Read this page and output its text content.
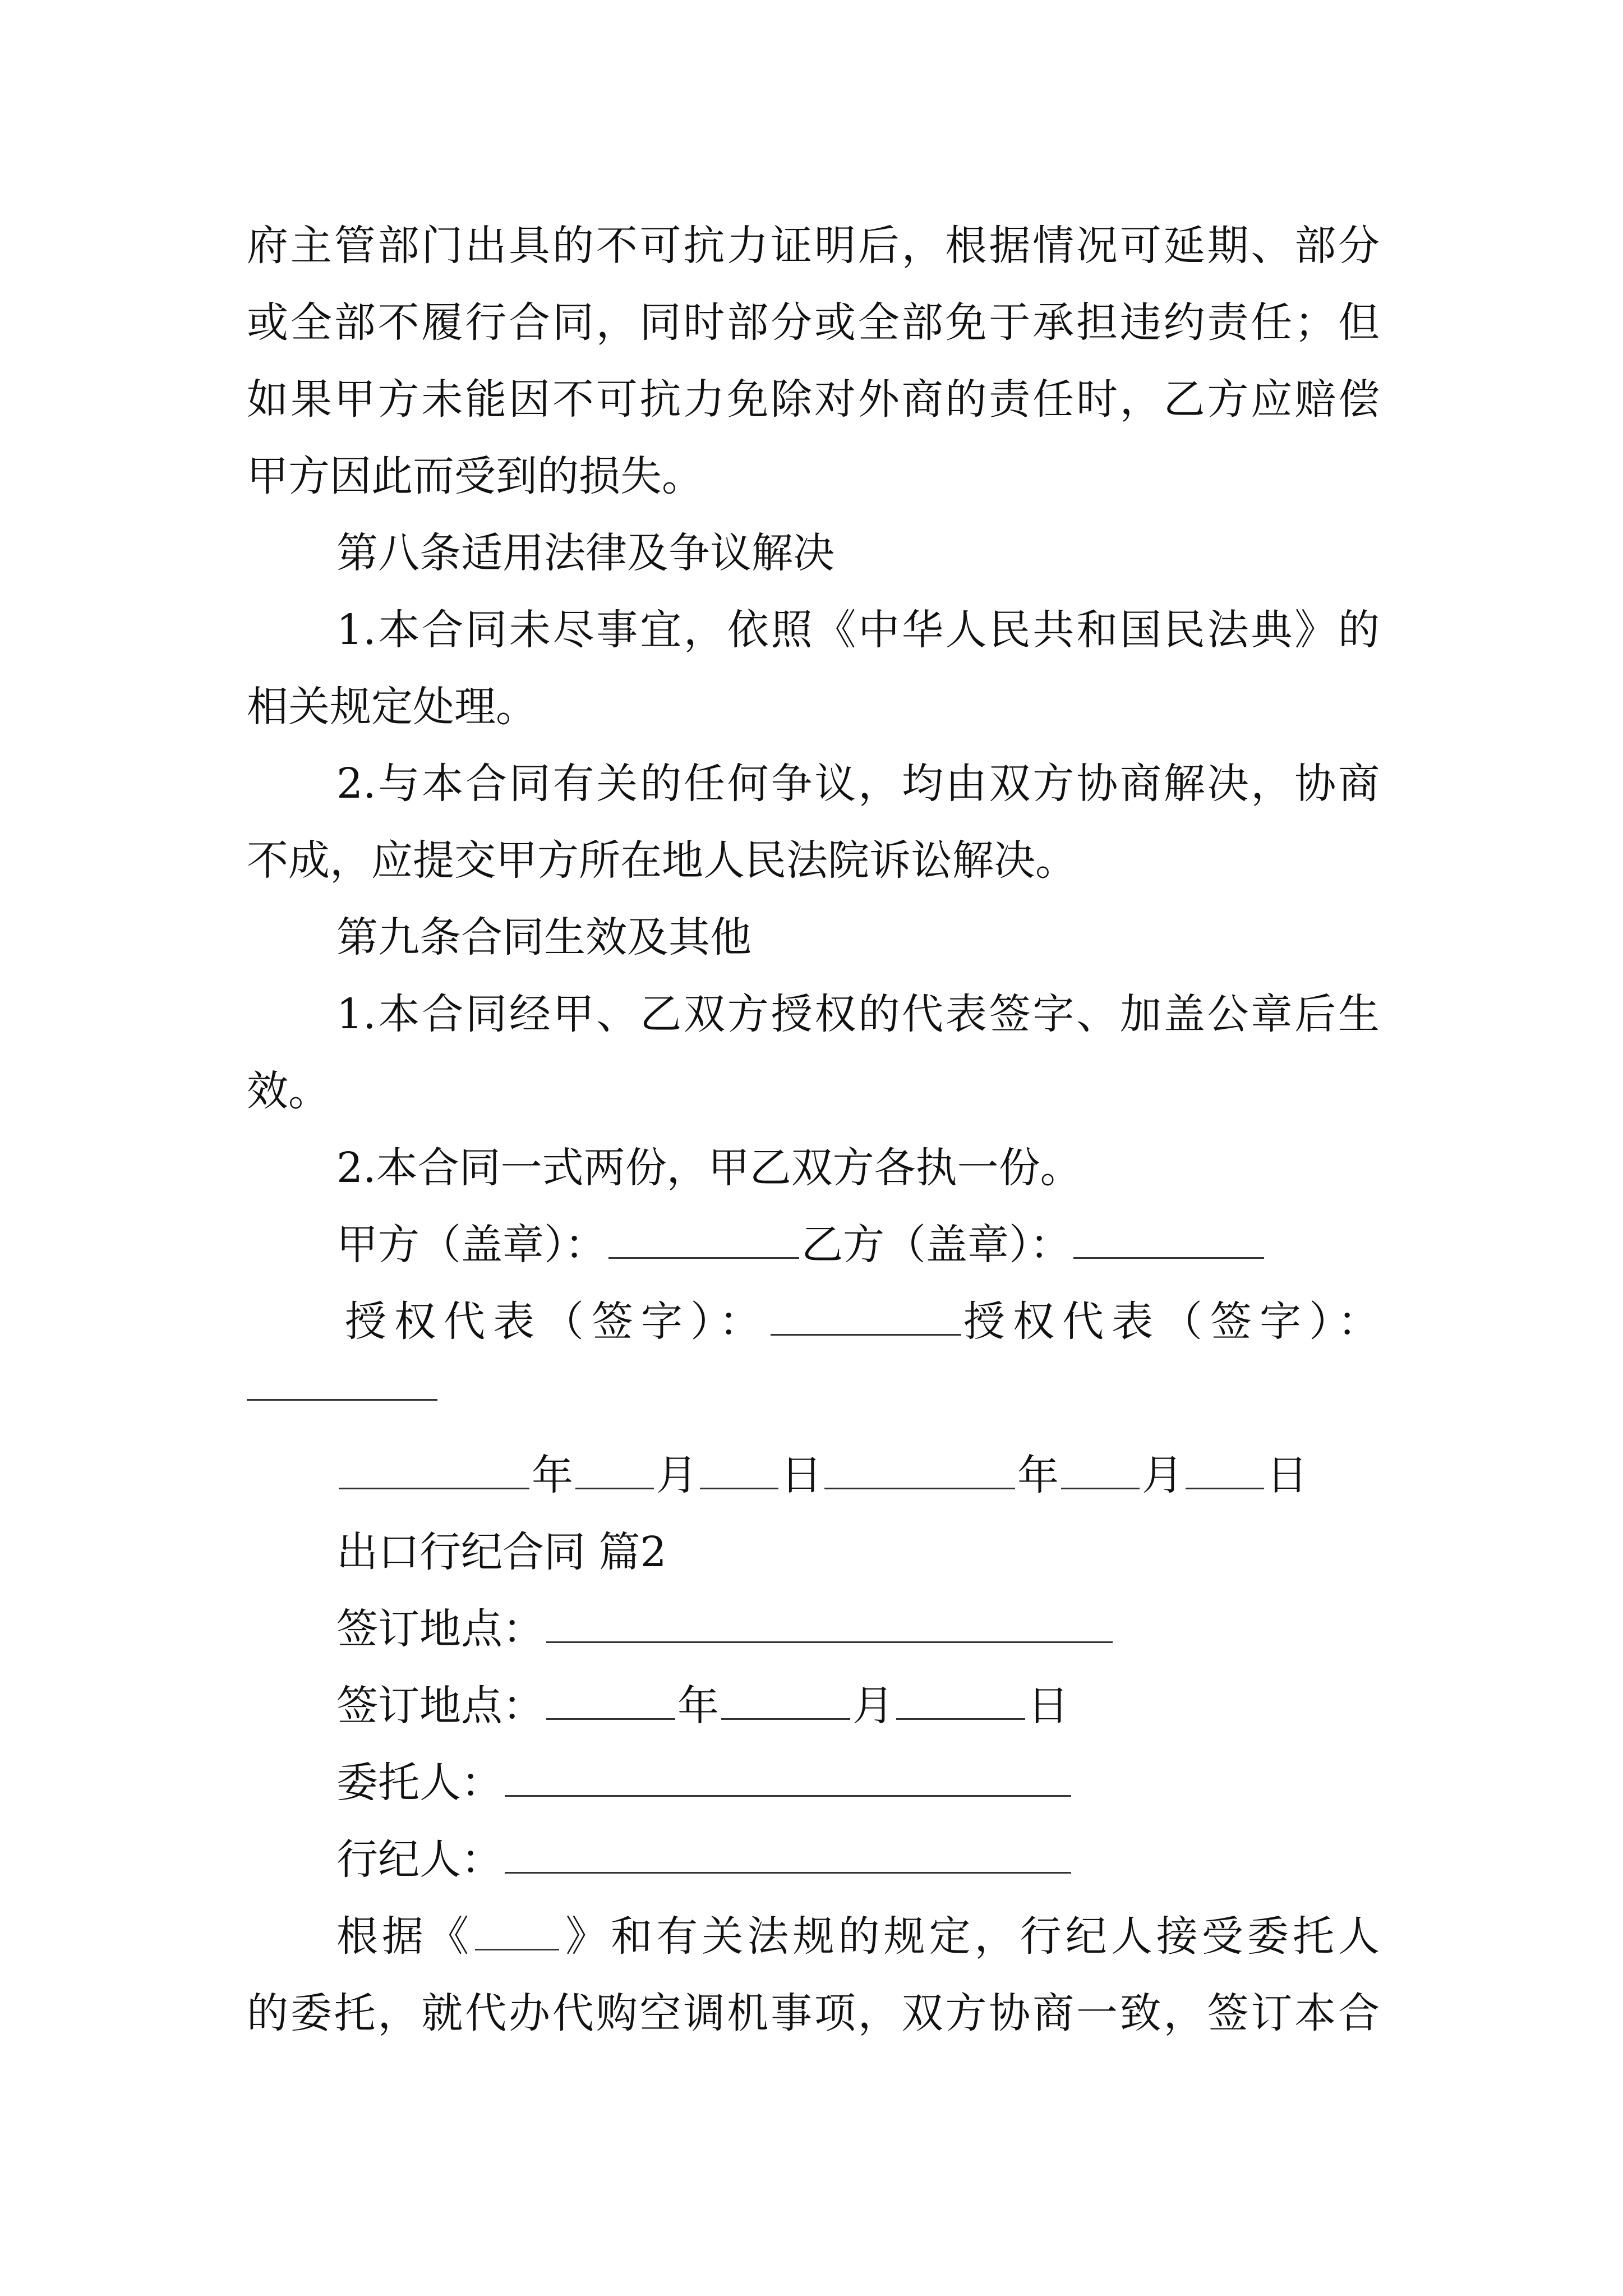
府主管部门出具的不可抗力证明后，根据情况可延期、部分
或全部不履行合同，同时部分或全部免于承担违约责任；但
如果甲方未能因不可抗力免除对外商的责任时，乙方应赔偿
甲方因此而受到的损失。
第八条适用法律及争议解决
1.本合同未尽事宜，依照《中华人民共和国民法典》的
相关规定处理。
2.与本合同有关的任何争议，均由双方协商解决，协商
不成，应提交甲方所在地人民法院诉讼解决。
第九条合同生效及其他
1.本合同经甲、乙双方授权的代表签字、加盖公章后生
效。
2.本合同一式两份，甲乙双方各执一份。
甲方（盖章）：	乙方（盖章）：
授权代表（签字）：	授权代表（签字）：
年 月 日	年 月 日
出口行纪合同 篇2
签订地点：
签订地点：	年	月	日
委托人：
行纪人：
根据《 》和有关法规的规定，行纪人接受委托人
的委托，就代办代购空调机事项，双方协商一致，签订本合
